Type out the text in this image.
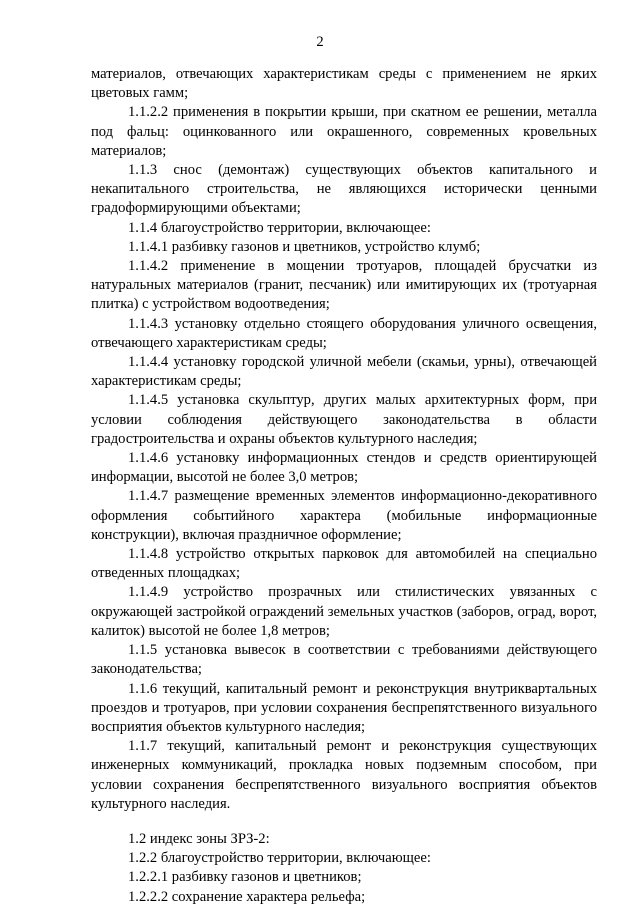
2

материалов, отвечающих характеристикам среды с применением не ярких цветовых гамм;

1.1.2.2 применения в покрытии крыши, при скатном ее решении, металла под фальц: оцинкованного или окрашенного, современных кровельных материалов;

1.1.3 снос (демонтаж) существующих объектов капитального и некапитального строительства, не являющихся исторически ценными градоформирующими объектами;

1.1.4 благоустройство территории, включающее:

1.1.4.1 разбивку газонов и цветников, устройство клумб;

1.1.4.2 применение в мощении тротуаров, площадей брусчатки из натуральных материалов (гранит, песчаник) или имитирующих их (тротуарная плитка) с устройством водоотведения;

1.1.4.3 установку отдельно стоящего оборудования уличного освещения, отвечающего характеристикам среды;

1.1.4.4 установку городской уличной мебели (скамьи, урны), отвечающей характеристикам среды;

1.1.4.5 установка скульптур, других малых архитектурных форм, при условии соблюдения действующего законодательства в области градостроительства и охраны объектов культурного наследия;

1.1.4.6 установку информационных стендов и средств ориентирующей информации, высотой не более 3,0 метров;

1.1.4.7 размещение временных элементов информационно-декоративного оформления событийного характера (мобильные информационные конструкции), включая праздничное оформление;

1.1.4.8 устройство открытых парковок для автомобилей на специально отведенных площадках;

1.1.4.9 устройство прозрачных или стилистических увязанных с окружающей застройкой ограждений земельных участков (заборов, оград, ворот, калиток) высотой не более 1,8 метров;

1.1.5 установка вывесок в соответствии с требованиями действующего законодательства;

1.1.6 текущий, капитальный ремонт и реконструкция внутриквартальных проездов и тротуаров, при условии сохранения беспрепятственного визуального восприятия объектов культурного наследия;

1.1.7 текущий, капитальный ремонт и реконструкция существующих инженерных коммуникаций, прокладка новых подземным способом, при условии сохранения беспрепятственного визуального восприятия объектов культурного наследия.

1.2 индекс зоны ЗРЗ-2:

1.2.2 благоустройство территории, включающее:

1.2.2.1 разбивку газонов и цветников;

1.2.2.2 сохранение характера рельефа;
